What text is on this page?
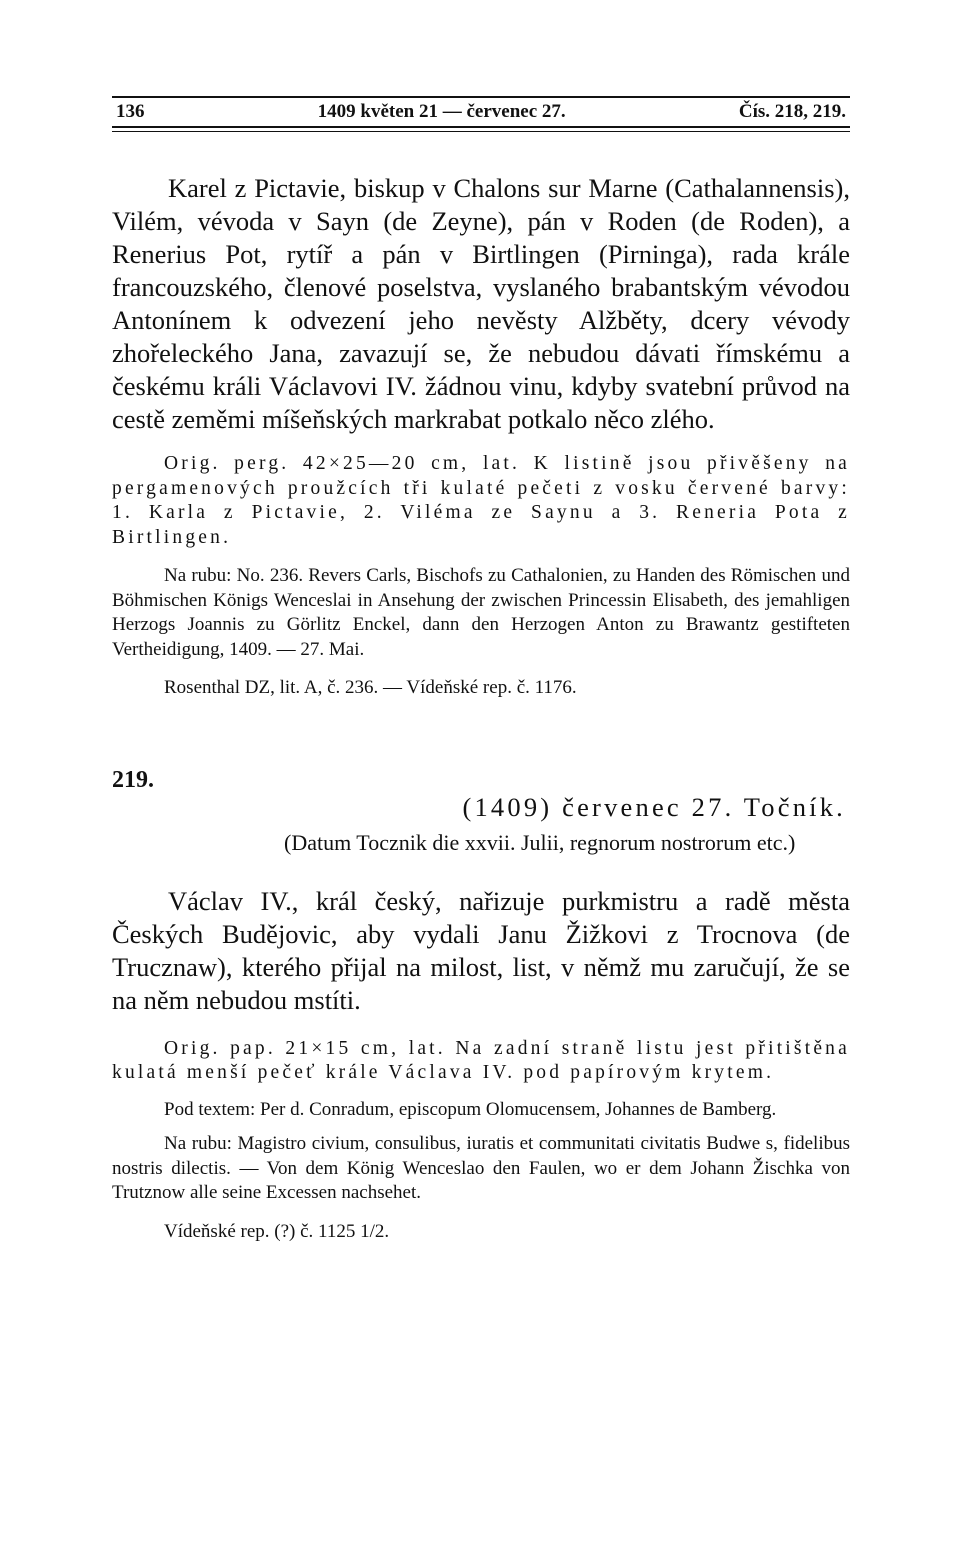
136	1409 květen 21 — červenec 27.	Čís. 218, 219.

Karel z Pictavie, biskup v Chalons sur Marne (Cathalannensis), Vilém, vévoda v Sayn (de Zeyne), pán v Roden (de Roden), a Renerius Pot, rytíř a pán v Birtlingen (Pirninga), rada krále francouzského, členové poselstva, vyslaného brabantským vévodou Antonínem k odvezení jeho nevěsty Alžběty, dcery vévody zhořeleckého Jana, zavazují se, že nebudou dávati římskému a českému králi Václavovi IV. žádnou vinu, kdyby svatební průvod na cestě zeměmi míšeňských markrabat potkalo něco zlého.

Orig. perg. 42×25—20 cm, lat. K listině jsou přivěšeny na pergamenových proužcích tři kulaté pečeti z vosku červené barvy: 1. Karla z Pictavie, 2. Viléma ze Saynu a 3. Reneria Pota z Birtlingen.

Na rubu: No. 236. Revers Carls, Bischofs zu Cathalonien, zu Handen des Römischen und Böhmischen Königs Wenceslai in Ansehung der zwischen Princessin Elisabeth, des jemahligen Herzogs Joannis zu Görlitz Enckel, dann den Herzogen Anton zu Brawantz gestifteten Vertheidigung, 1409. — 27. Mai.

Rosenthal DZ, lit. A, č. 236. — Vídeňské rep. č. 1176.

219.

(1409) červenec 27. Točník.

(Datum Tocznik die xxvii. Julii, regnorum nostrorum etc.)

Václav IV., král český, nařizuje purkmistru a radě města Českých Budějovic, aby vydali Janu Žižkovi z Trocnova (de Trucznaw), kterého přijal na milost, list, v němž mu zaručují, že se na něm nebudou mstíti.

Orig. pap. 21×15 cm, lat. Na zadní straně listu jest přitištěna kulatá menší pečeť krále Václava IV. pod papírovým krytem.

Pod textem: Per d. Conradum, episcopum Olomucensem, Johannes de Bamberg.

Na rubu: Magistro civium, consulibus, iuratis et communitati civitatis Budwe s, fidelibus nostris dilectis. — Von dem König Wenceslao den Faulen, wo er dem Johann Žischka von Trutznow alle seine Excessen nachsehet.

Vídeňské rep. (?) č. 1125 1/2.
